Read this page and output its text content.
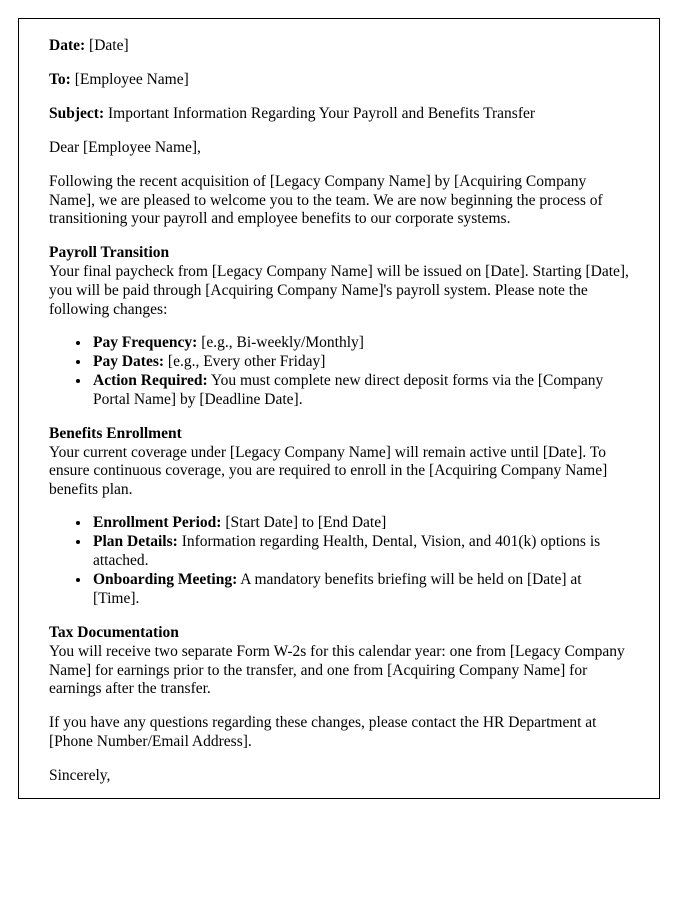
Date: [Date]

To: [Employee Name]

Subject: Important Information Regarding Your Payroll and Benefits Transfer

Dear [Employee Name],

Following the recent acquisition of [Legacy Company Name] by [Acquiring Company Name], we are pleased to welcome you to the team. We are now beginning the process of transitioning your payroll and employee benefits to our corporate systems.

Payroll Transition

Your final paycheck from [Legacy Company Name] will be issued on [Date]. Starting [Date], you will be paid through [Acquiring Company Name]'s payroll system. Please note the following changes:

• Pay Frequency: [e.g., Bi-weekly/Monthly]
• Pay Dates: [e.g., Every other Friday]
• Action Required: You must complete new direct deposit forms via the [Company Portal Name] by [Deadline Date].
Benefits Enrollment

Your current coverage under [Legacy Company Name] will remain active until [Date]. To ensure continuous coverage, you are required to enroll in the [Acquiring Company Name] benefits plan.

• Enrollment Period: [Start Date] to [End Date]
• Plan Details: Information regarding Health, Dental, Vision, and 401(k) options is attached.
• Onboarding Meeting: A mandatory benefits briefing will be held on [Date] at [Time].
Tax Documentation

You will receive two separate Form W-2s for this calendar year: one from [Legacy Company Name] for earnings prior to the transfer, and one from [Acquiring Company Name] for earnings after the transfer.

If you have any questions regarding these changes, please contact the HR Department at [Phone Number/Email Address].

Sincerely,
